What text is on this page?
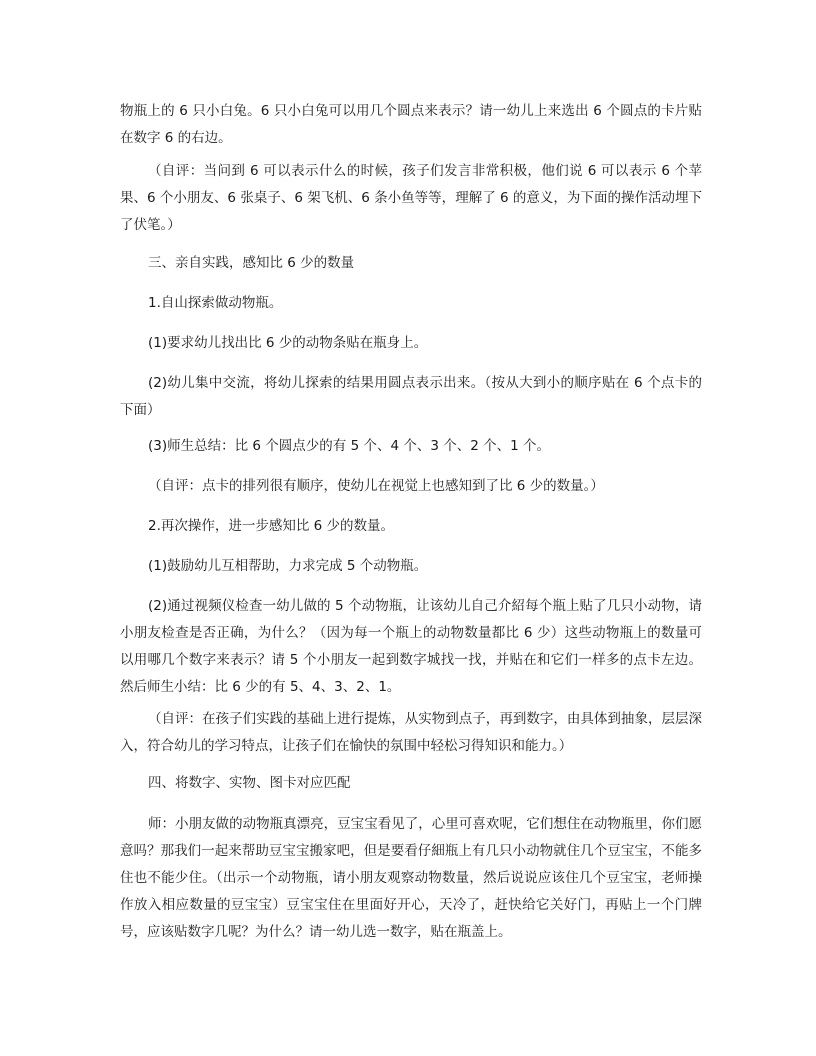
物瓶上的 6 只小白兔。6 只小白兔可以用几个圆点来表示？请一幼儿上来选出 6 个圆点的卡片贴在数字 6 的右边。

（自评：当问到 6 可以表示什么的时候，孩子们发言非常积极，他们说 6 可以表示 6 个苹果、6 个小朋友、6 张桌子、6 架飞机、6 条小鱼等等，理解了 6 的意义，为下面的操作活动埋下了伏笔。）

三、亲自实践，感知比 6 少的数量

1.自山探索做动物瓶。

(1)要求幼儿找出比 6 少的动物条贴在瓶身上。

(2)幼儿集中交流，将幼儿探索的结果用圆点表示出来。（按从大到小的顺序贴在 6 个点卡的下面）

(3)师生总结：比 6 个圆点少的有 5 个、4 个、3 个、2 个、1 个。

（自评：点卡的排列很有顺序，使幼儿在视觉上也感知到了比 6 少的数量。）

2.再次操作，进一步感知比 6 少的数量。

(1)鼓励幼儿互相帮助，力求完成 5 个动物瓶。

(2)通过视频仪检查一幼儿做的 5 个动物瓶，让该幼儿自己介紹每个瓶上贴了几只小动物，请小朋友检查是否正确，为什么？（因为每一个瓶上的动物数量都比 6 少）这些动物瓶上的数量可以用哪几个数字来表示？请 5 个小朋友一起到数字城找一找，并贴在和它们一样多的点卡左边。然后师生小结：比 6 少的有 5、4、3、2、1。

（自评：在孩子们实践的基础上进行提炼，从实物到点子，再到数字，由具体到抽象，层层深入，符合幼儿的学习特点，让孩子们在愉快的氛围中轻松习得知识和能力。）

四、将数字、实物、图卡对应匹配

师：小朋友做的动物瓶真漂亮，豆宝宝看见了，心里可喜欢呢，它们想住在动物瓶里，你们愿意吗？那我们一起来帮助豆宝宝搬家吧，但是要看仔細瓶上有几只小动物就住几个豆宝宝，不能多住也不能少住。（出示一个动物瓶，请小朋友观察动物数量，然后说说应该住几个豆宝宝，老师操作放入相应数量的豆宝宝）豆宝宝住在里面好开心，天冷了，赶快给它关好门，再贴上一个门牌号，应该贴数字几呢？为什么？请一幼儿选一数字，贴在瓶盖上。
